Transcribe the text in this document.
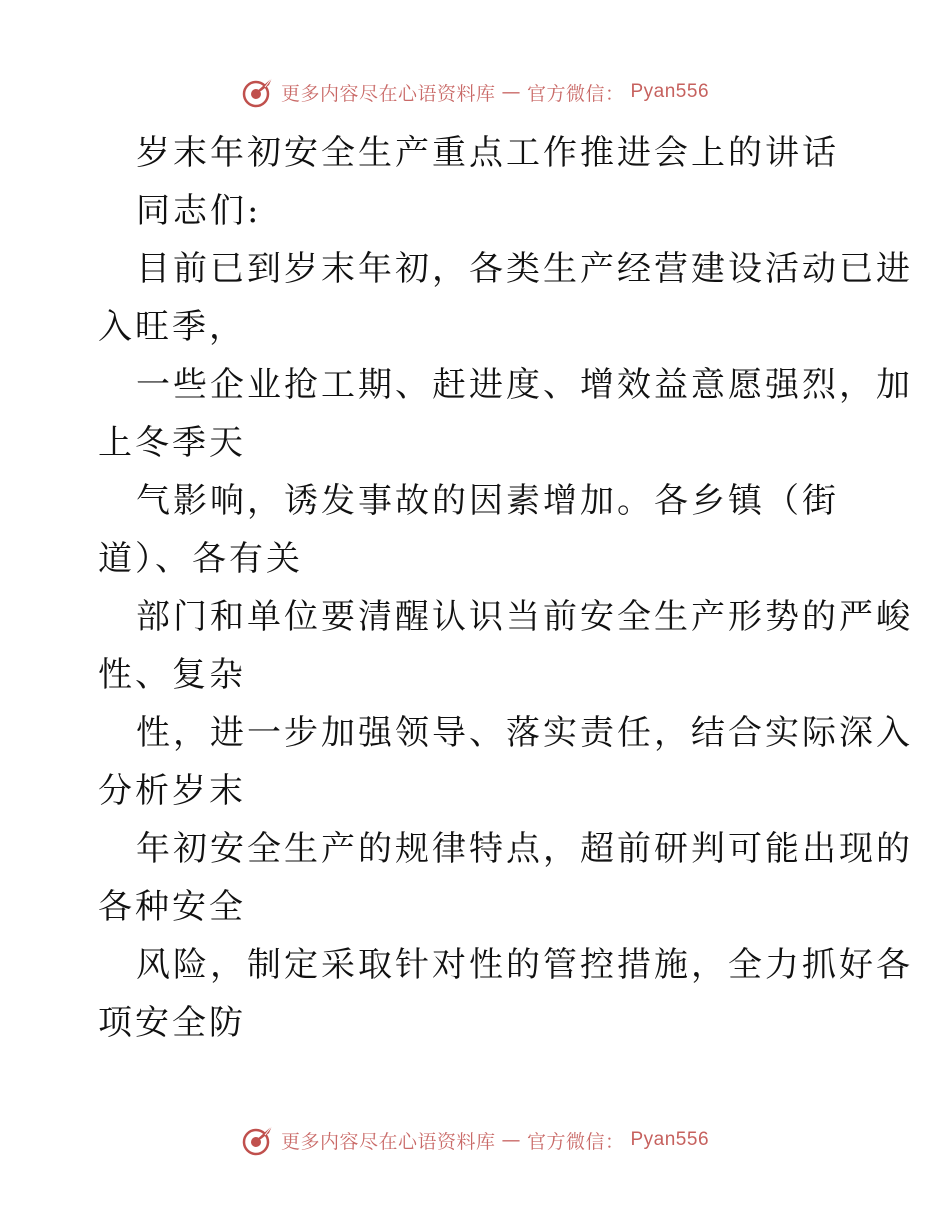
更多内容尽在心语资料库 — 官方微信： Pyan556
岁末年初安全生产重点工作推进会上的讲话
同志们:
目前已到岁末年初，各类生产经营建设活动已进
入旺季，
一些企业抢工期、赶进度、增效益意愿强烈，加
上冬季天
气影响，诱发事故的因素增加。各乡镇（街
道）、各有关
部门和单位要清醒认识当前安全生产形势的严峻
性、复杂
性，进一步加强领导、落实责任，结合实际深入
分析岁末
年初安全生产的规律特点，超前研判可能出现的
各种安全
风险，制定采取针对性的管控措施，全力抓好各
项安全防
更多内容尽在心语资料库 — 官方微信： Pyan556
